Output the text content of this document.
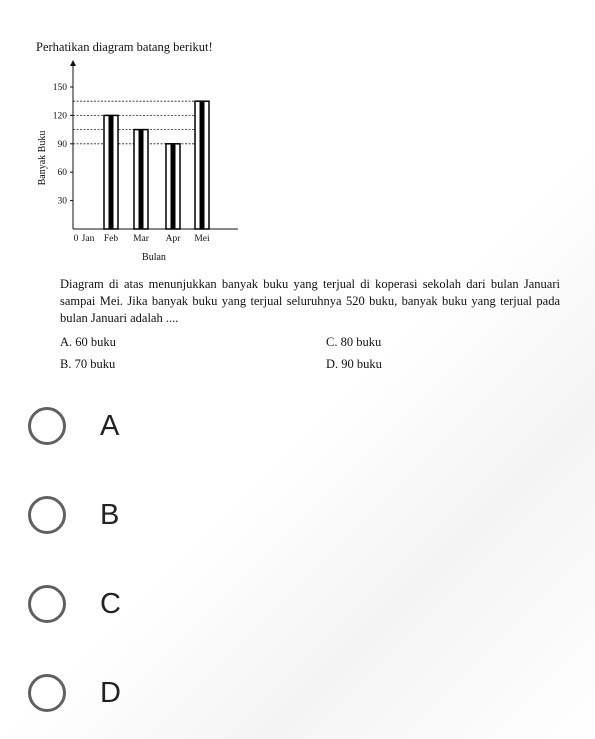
Perhatikan diagram batang berikut!
30
60
90
120
150
Banyak Buku
Jan Feb Mar Apr Mei
0
Bulan
Diagram di atas menunjukkan banyak buku yang terjual di koperasi sekolah dari bulan Januari sampai Mei. Jika banyak buku yang terjual seluruhnya 520 buku, banyak buku yang terjual pada bulan Januari adalah ....
A. 60 buku
B. 70 buku
C. 80 buku
D. 90 buku
A
B
C
D
